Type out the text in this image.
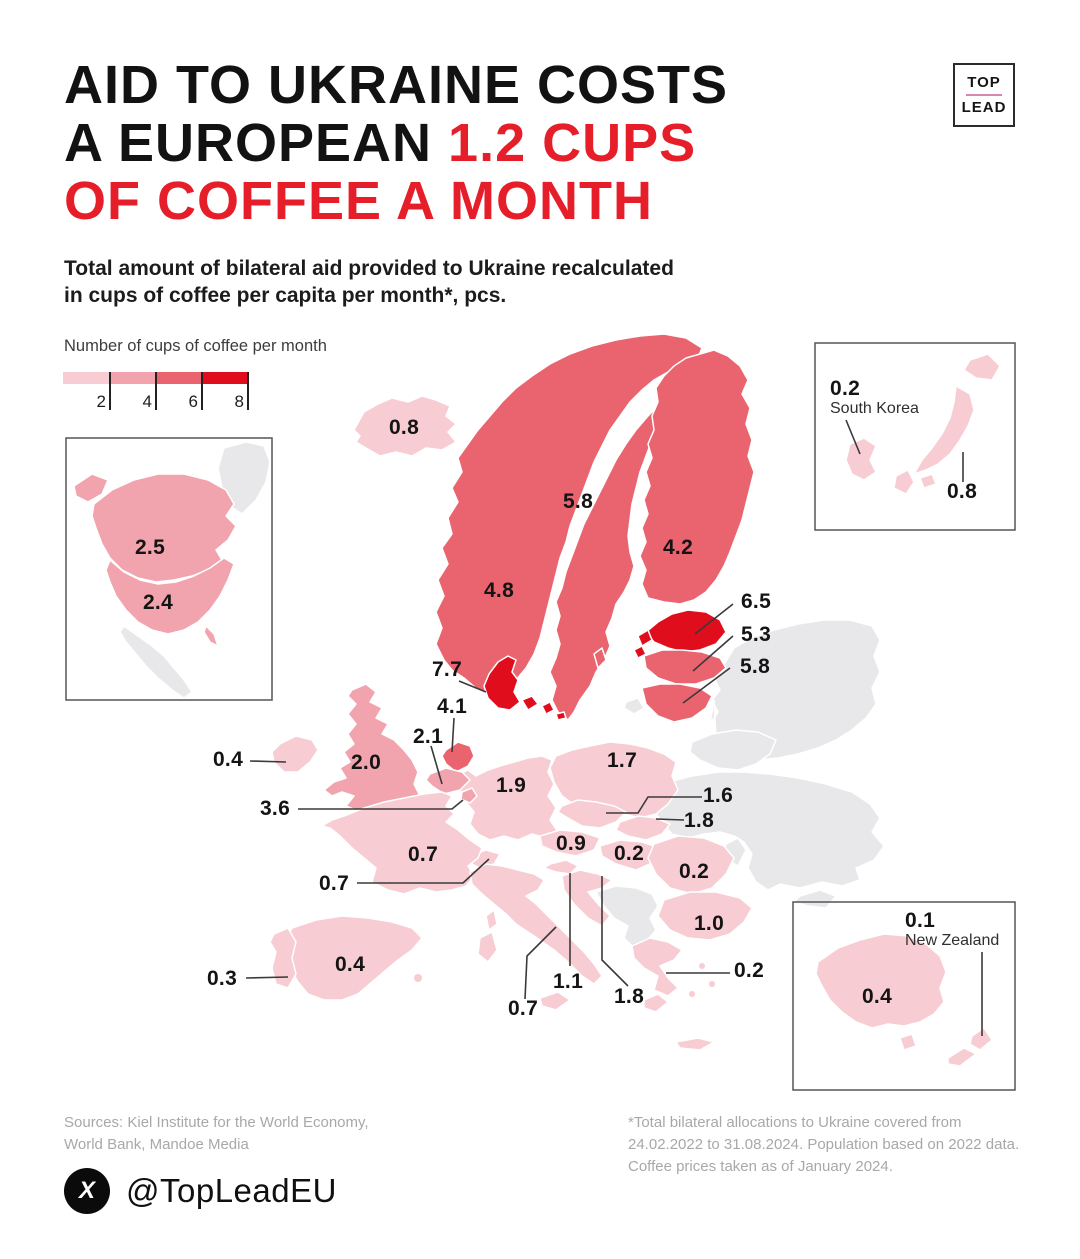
AID TO UKRAINE COSTS
A EUROPEAN 1.2 CUPS
OF COFFEE A MONTH
TOP
LEAD
Total amount of bilateral aid provided to Ukraine recalculated
in cups of coffee per capita per month*, pcs.
Number of cups of coffee per month
2	4	6	8
0.8
5.8
4.2
4.8	6.5
5.3
5.8
7.7
4.1
2.1
0.4	2.0
3.6
1.9
1.7
1.6
1.8
0.7	0.9 0.2
0.7
0.2
1.0
0.4
0.3	0.2
1.1
1.8
0.7
2.5
2.4
0.2
South Korea
0.8
0.1
New Zealand
0.4
Sources: Kiel Institute for the World Economy,
World Bank, Mandoe Media
*Total bilateral allocations to Ukraine covered from
24.02.2022 to 31.08.2024. Population based on 2022 data.
Coffee prices taken as of January 2024.
X @TopLeadEU
